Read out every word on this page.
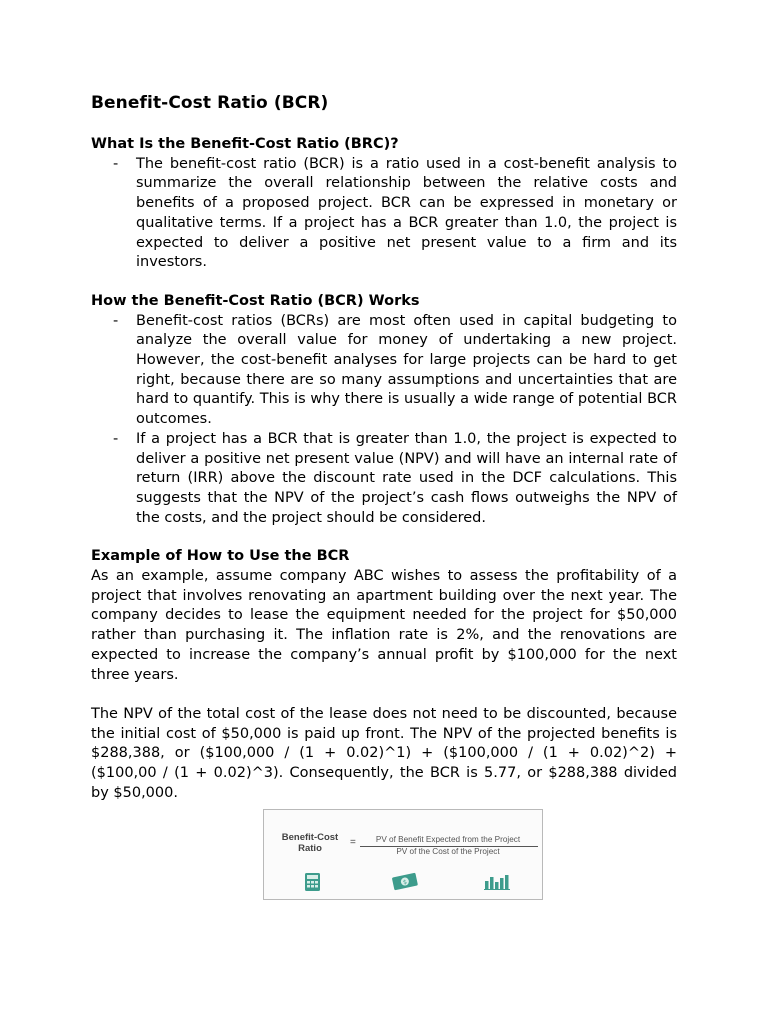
Benefit-Cost Ratio (BCR)
What Is the Benefit-Cost Ratio (BRC)?
- The benefit-cost ratio (BCR) is a ratio used in a cost-benefit analysis to summarize the overall relationship between the relative costs and benefits of a proposed project. BCR can be expressed in monetary or qualitative terms. If a project has a BCR greater than 1.0, the project is expected to deliver a positive net present value to a firm and its investors.
How the Benefit-Cost Ratio (BCR) Works
- Benefit-cost ratios (BCRs) are most often used in capital budgeting to analyze the overall value for money of undertaking a new project. However, the cost-benefit analyses for large projects can be hard to get right, because there are so many assumptions and uncertainties that are hard to quantify. This is why there is usually a wide range of potential BCR outcomes.
- If a project has a BCR that is greater than 1.0, the project is expected to deliver a positive net present value (NPV) and will have an internal rate of return (IRR) above the discount rate used in the DCF calculations. This suggests that the NPV of the project’s cash flows outweighs the NPV of the costs, and the project should be considered.
Example of How to Use the BCR

As an example, assume company ABC wishes to assess the profitability of a project that involves renovating an apartment building over the next year. The company decides to lease the equipment needed for the project for $50,000 rather than purchasing it. The inflation rate is 2%, and the renovations are expected to increase the company’s annual profit by $100,000 for the next three years.

The NPV of the total cost of the lease does not need to be discounted, because the initial cost of $50,000 is paid up front. The NPV of the projected benefits is $288,388, or ($100,000 / (1 + 0.02)^1) + ($100,000 / (1 + 0.02)^2) + ($100,00 / (1 + 0.02)^3). Consequently, the BCR is 5.77, or $288,388 divided by $50,000.

Benefit-Cost
Ratio	=	PV of Benefit Expected from the Project
PV of the Cost of the Project
$
